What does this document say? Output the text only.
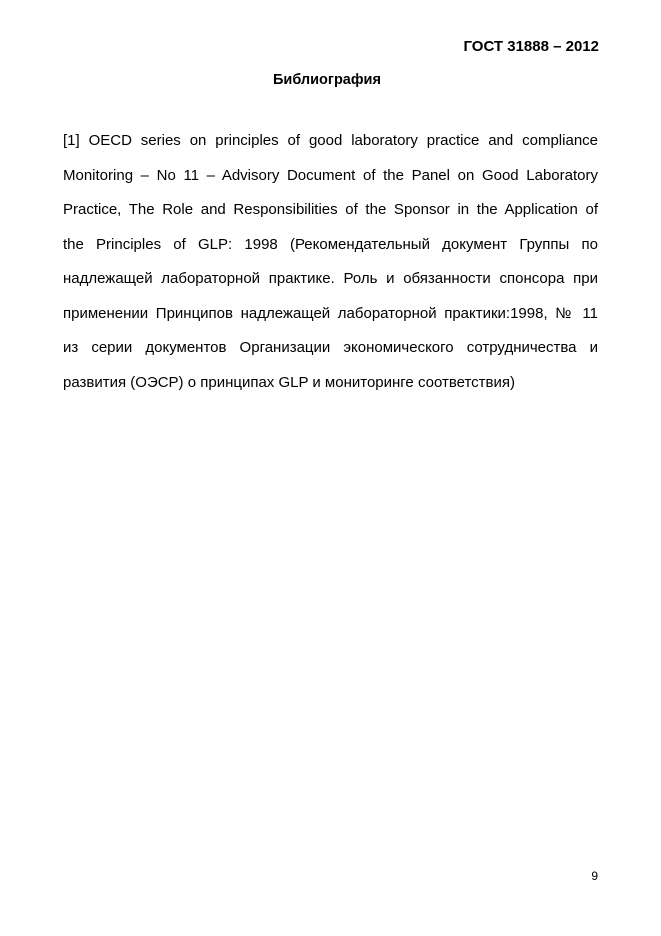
ГОСТ 31888 – 2012
Библиография
[1] OECD series on principles of good laboratory practice and compliance
Monitoring – No 11 – Advisory Document of the Panel on Good Laboratory
Practice, The Role and Responsibilities of the Sponsor in the Application of
the Principles of GLP: 1998 (Рекомендательный документ Группы по
надлежащей лабораторной практике. Роль и обязанности спонсора при
применении Принципов надлежащей лабораторной практики:1998, № 11
из серии документов Организации экономического сотрудничества и
развития (ОЭСР) о принципах GLP и мониторинге соответствия)
9
